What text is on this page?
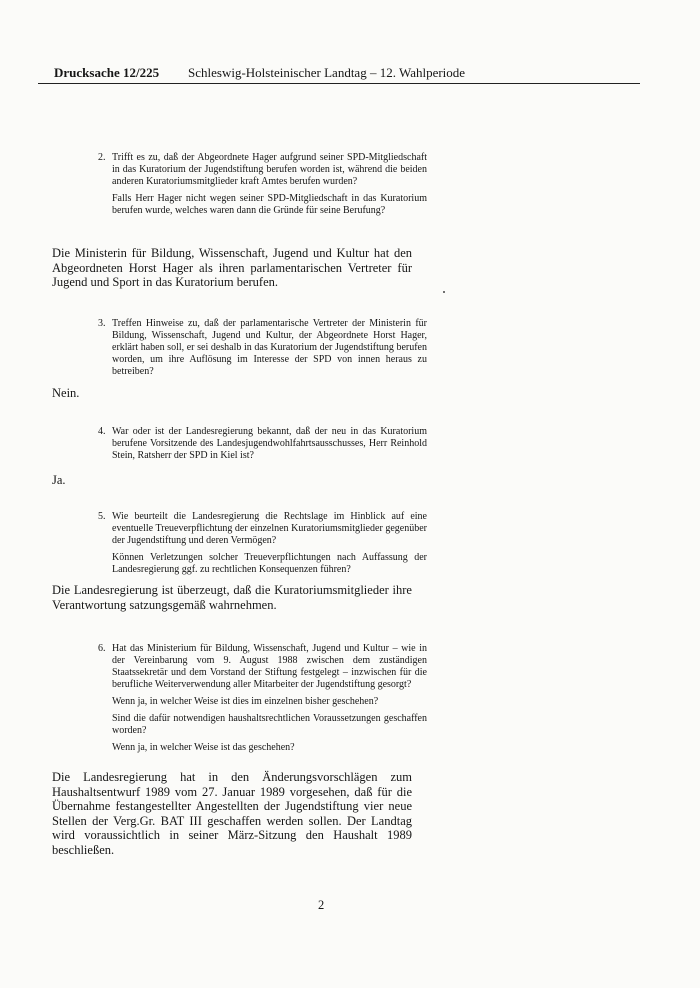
Drucksache 12/225 Schleswig-Holsteinischer Landtag – 12. Wahlperiode
2. Trifft es zu, daß der Abgeordnete Hager aufgrund seiner SPD-Mitgliedschaft in das Kuratorium der Jugendstiftung berufen worden ist, während die beiden anderen Kuratoriumsmitglieder kraft Amtes berufen wurden?

Falls Herr Hager nicht wegen seiner SPD-Mitgliedschaft in das Kuratorium berufen wurde, welches waren dann die Gründe für seine Berufung?

Die Ministerin für Bildung, Wissenschaft, Jugend und Kultur hat den Abgeordneten Horst Hager als ihren parlamentarischen Vertreter für Jugend und Sport in das Kuratorium berufen.
3. Treffen Hinweise zu, daß der parlamentarische Vertreter der Ministerin für Bildung, Wissenschaft, Jugend und Kultur, der Abgeordnete Horst Hager, erklärt haben soll, er sei deshalb in das Kuratorium der Jugendstiftung berufen worden, um ihre Auflösung im Interesse der SPD von innen heraus zu betreiben?

Nein.
4. War oder ist der Landesregierung bekannt, daß der neu in das Kuratorium berufene Vorsitzende des Landesjugendwohlfahrtsausschusses, Herr Reinhold Stein, Ratsherr der SPD in Kiel ist?

Ja.
5. Wie beurteilt die Landesregierung die Rechtslage im Hinblick auf eine eventuelle Treueverpflichtung der einzelnen Kuratoriumsmitglieder gegenüber der Jugendstiftung und deren Vermögen?

Können Verletzungen solcher Treueverpflichtungen nach Auffassung der Landesregierung ggf. zu rechtlichen Konsequenzen führen?

Die Landesregierung ist überzeugt, daß die Kuratoriumsmitglieder ihre Verantwortung satzungsgemäß wahrnehmen.
6. Hat das Ministerium für Bildung, Wissenschaft, Jugend und Kultur – wie in der Vereinbarung vom 9. August 1988 zwischen dem zuständigen Staatssekretär und dem Vorstand der Stiftung festgelegt – inzwischen für die berufliche Weiterverwendung aller Mitarbeiter der Jugendstiftung gesorgt?

Wenn ja, in welcher Weise ist dies im einzelnen bisher geschehen?

Sind die dafür notwendigen haushaltsrechtlichen Voraussetzungen geschaffen worden?

Wenn ja, in welcher Weise ist das geschehen?

Die Landesregierung hat in den Änderungsvorschlägen zum Haushaltsentwurf 1989 vom 27. Januar 1989 vorgesehen, daß für die Übernahme festangestellter Angestellten der Jugendstiftung vier neue Stellen der Verg.Gr. BAT III geschaffen werden sollen. Der Landtag wird voraussichtlich in seiner März-Sitzung den Haushalt 1989 beschließen.
2
